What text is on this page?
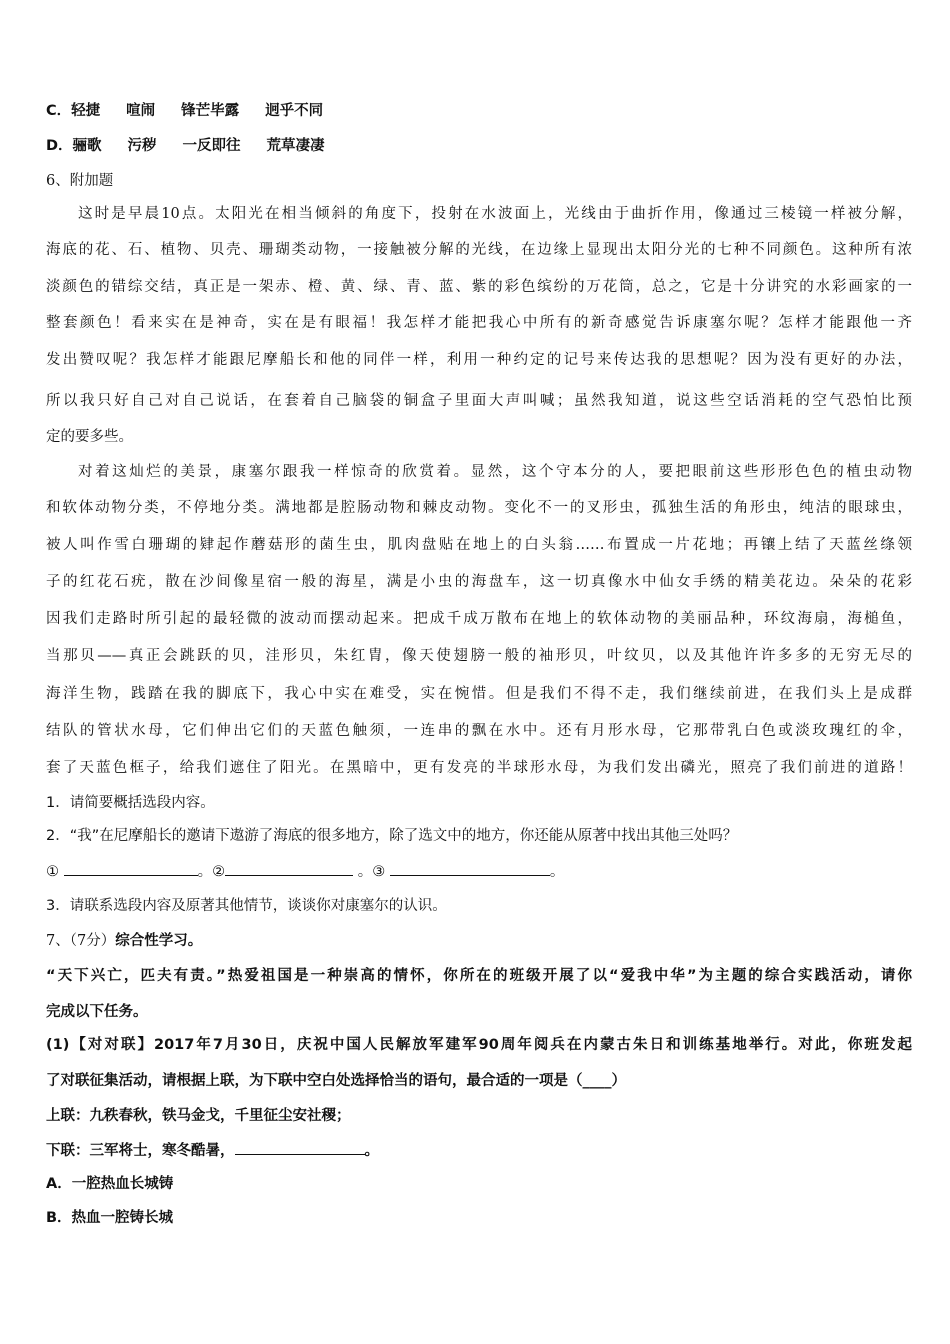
C．轻捷 喧闹 锋芒毕露 迥乎不同
D．骊歌 污秽 一反即往 荒草凄凄
6、附加题
这时是早晨10点。太阳光在相当倾斜的角度下，投射在水波面上，光线由于曲折作用，像通过三棱镜一样被分解，
海底的花、石、植物、贝壳、珊瑚类动物，一接触被分解的光线，在边缘上显现出太阳分光的七种不同颜色。这种所有浓
淡颜色的错综交结，真正是一架赤、橙、黄、绿、青、蓝、紫的彩色缤纷的万花筒，总之，它是十分讲究的水彩画家的一
整套颜色！看来实在是神奇，实在是有眼福！我怎样才能把我心中所有的新奇感觉告诉康塞尔呢？怎样才能跟他一齐
发出赞叹呢？我怎样才能跟尼摩船长和他的同伴一样，利用一种约定的记号来传达我的思想呢？因为没有更好的办法，
所以我只好自己对自己说话，在套着自己脑袋的铜盒子里面大声叫喊；虽然我知道，说这些空话消耗的空气恐怕比预
定的要多些。
对着这灿烂的美景，康塞尔跟我一样惊奇的欣赏着。显然，这个守本分的人，要把眼前这些形形色色的植虫动物
和软体动物分类，不停地分类。满地都是腔肠动物和棘皮动物。变化不一的叉形虫，孤独生活的角形虫，纯洁的眼球虫，
被人叫作雪白珊瑚的肄起作蘑菇形的菌生虫，肌肉盘贴在地上的白头翁……布置成一片花地；再镶上结了天蓝丝绦领
子的红花石疣，散在沙间像星宿一般的海星，满是小虫的海盘车，这一切真像水中仙女手绣的精美花边。朵朵的花彩
因我们走路时所引起的最轻微的波动而摆动起来。把成千成万散布在地上的软体动物的美丽品种，环纹海扇，海槌鱼，
当那贝——真正会跳跃的贝，洼形贝，朱红胄，像天使翅膀一般的袖形贝，叶纹贝，以及其他许许多多的无穷无尽的
海洋生物，践踏在我的脚底下，我心中实在难受，实在惋惜。但是我们不得不走，我们继续前进，在我们头上是成群
结队的管状水母，它们伸出它们的天蓝色触须，一连串的飘在水中。还有月形水母，它那带乳白色或淡玫瑰红的伞，
套了天蓝色框子，给我们遮住了阳光。在黑暗中，更有发亮的半球形水母，为我们发出磷光，照亮了我们前进的道路！
1．请简要概括选段内容。
2．“我”在尼摩船长的邀请下遨游了海底的很多地方，除了选文中的地方，你还能从原著中找出其他三处吗？
①	。②	。③	。
3．请联系选段内容及原著其他情节，谈谈你对康塞尔的认识。
7、（7分）综合性学习。
“天下兴亡，匹夫有责。”热爱祖国是一种崇高的情怀，你所在的班级开展了以“爱我中华”为主题的综合实践活动，请你
完成以下任务。
(1)【对对联】2017年7月30日，庆祝中国人民解放军建军90周年阅兵在内蒙古朱日和训练基地举行。对此，你班发起
了对联征集活动，请根据上联，为下联中空白处选择恰当的语句，最合适的一项是（____）
上联：九秩春秋，铁马金戈，千里征尘安社稷；
下联：三军将士，寒冬酷暑，	。
A．一腔热血长城铸
B．热血一腔铸长城
